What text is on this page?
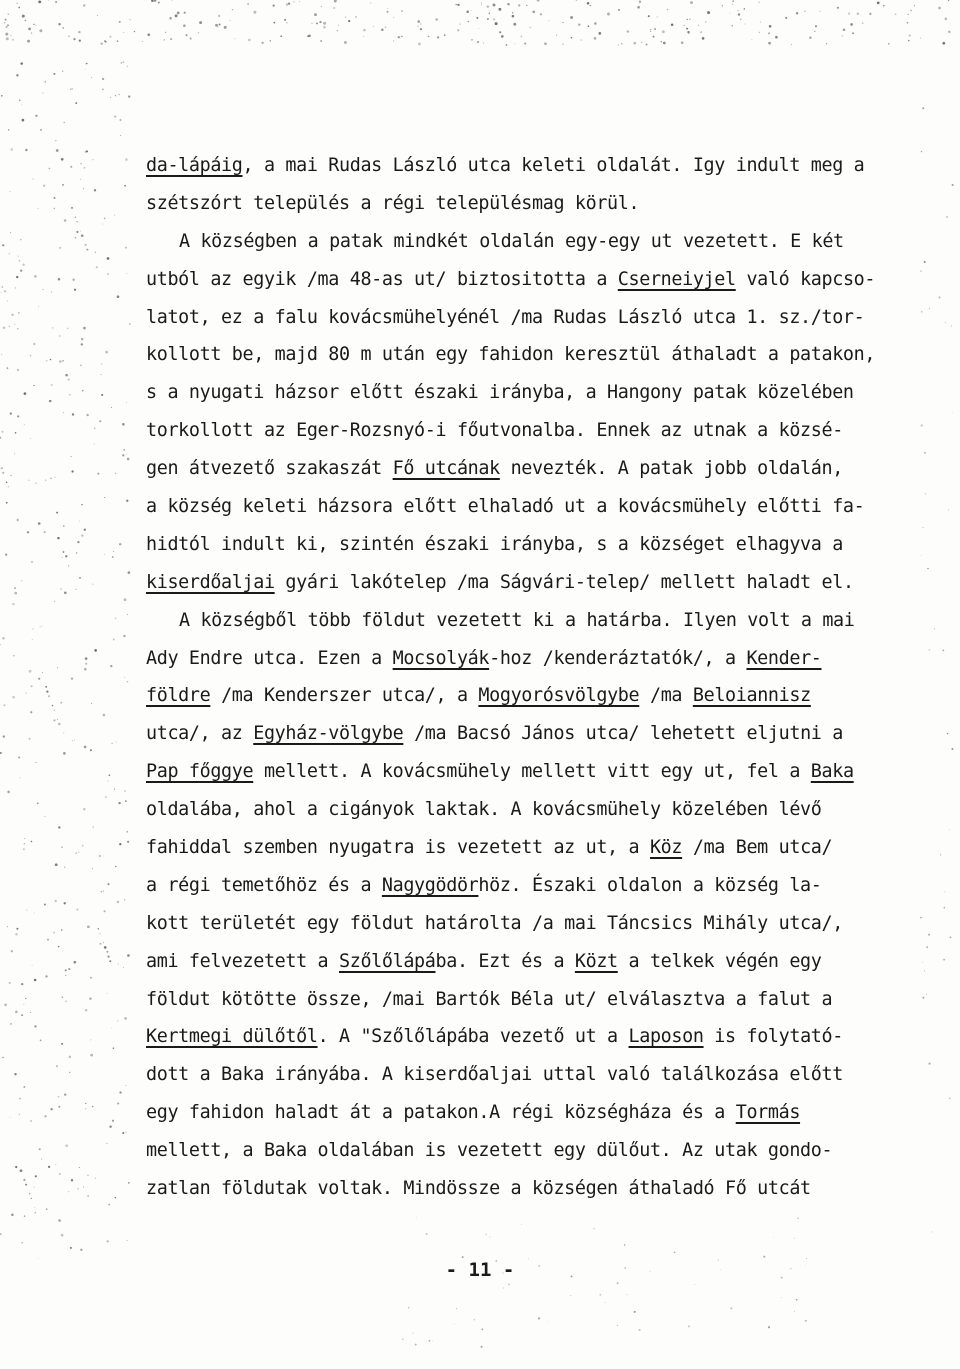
da-lápáig, a mai Rudas László utca keleti oldalát. Igy indult meg a
szétszórt település a régi településmag körül.
A községben a patak mindkét oldalán egy-egy ut vezetett. E két
utból az egyik /ma 48-as ut/ biztositotta a Cserneiyjel való kapcso-
latot, ez a falu kovácsmühelyénél /ma Rudas László utca 1. sz./tor-
kollott be, majd 80 m után egy fahidon keresztül áthaladt a patakon,
s a nyugati házsor előtt északi irányba, a Hangony patak közelében
torkollott az Eger-Rozsnyó-i főutvonalba. Ennek az utnak a közsé-
gen átvezető szakaszát Fő utcának nevezték. A patak jobb oldalán,
a község keleti házsora előtt elhaladó ut a kovácsmühely előtti fa-
hidtól indult ki, szintén északi irányba, s a községet elhagyva a
kiserdőaljai gyári lakótelep /ma Ságvári-telep/ mellett haladt el.
A községből több földut vezetett ki a határba. Ilyen volt a mai
Ady Endre utca. Ezen a Mocsolyák-hoz /kenderáztatók/, a Kender-
földre /ma Kenderszer utca/, a Mogyorósvölgybe /ma Beloiannisz
utca/, az Egyház-völgybe /ma Bacsó János utca/ lehetett eljutni a
Pap főggye mellett. A kovácsmühely mellett vitt egy ut, fel a Baka
oldalába, ahol a cigányok laktak. A kovácsmühely közelében lévő
fahiddal szemben nyugatra is vezetett az ut, a Köz /ma Bem utca/
a régi temetőhöz és a Nagygödörhöz. Északi oldalon a község la-
kott területét egy földut határolta /a mai Táncsics Mihály utca/,
ami felvezetett a Szőlőlápába. Ezt és a Közt a telkek végén egy
földut kötötte össze, /mai Bartók Béla ut/ elválasztva a falut a
Kertmegi dülőtől. A "Szőlőlápába vezető ut a Laposon is folytató-
dott a Baka irányába. A kiserdőaljai uttal való találkozása előtt
egy fahidon haladt át a patakon.A régi községháza és a Tormás
mellett, a Baka oldalában is vezetett egy dülőut. Az utak gondo-
zatlan földutak voltak. Mindössze a községen áthaladó Fő utcát
- 11 -
